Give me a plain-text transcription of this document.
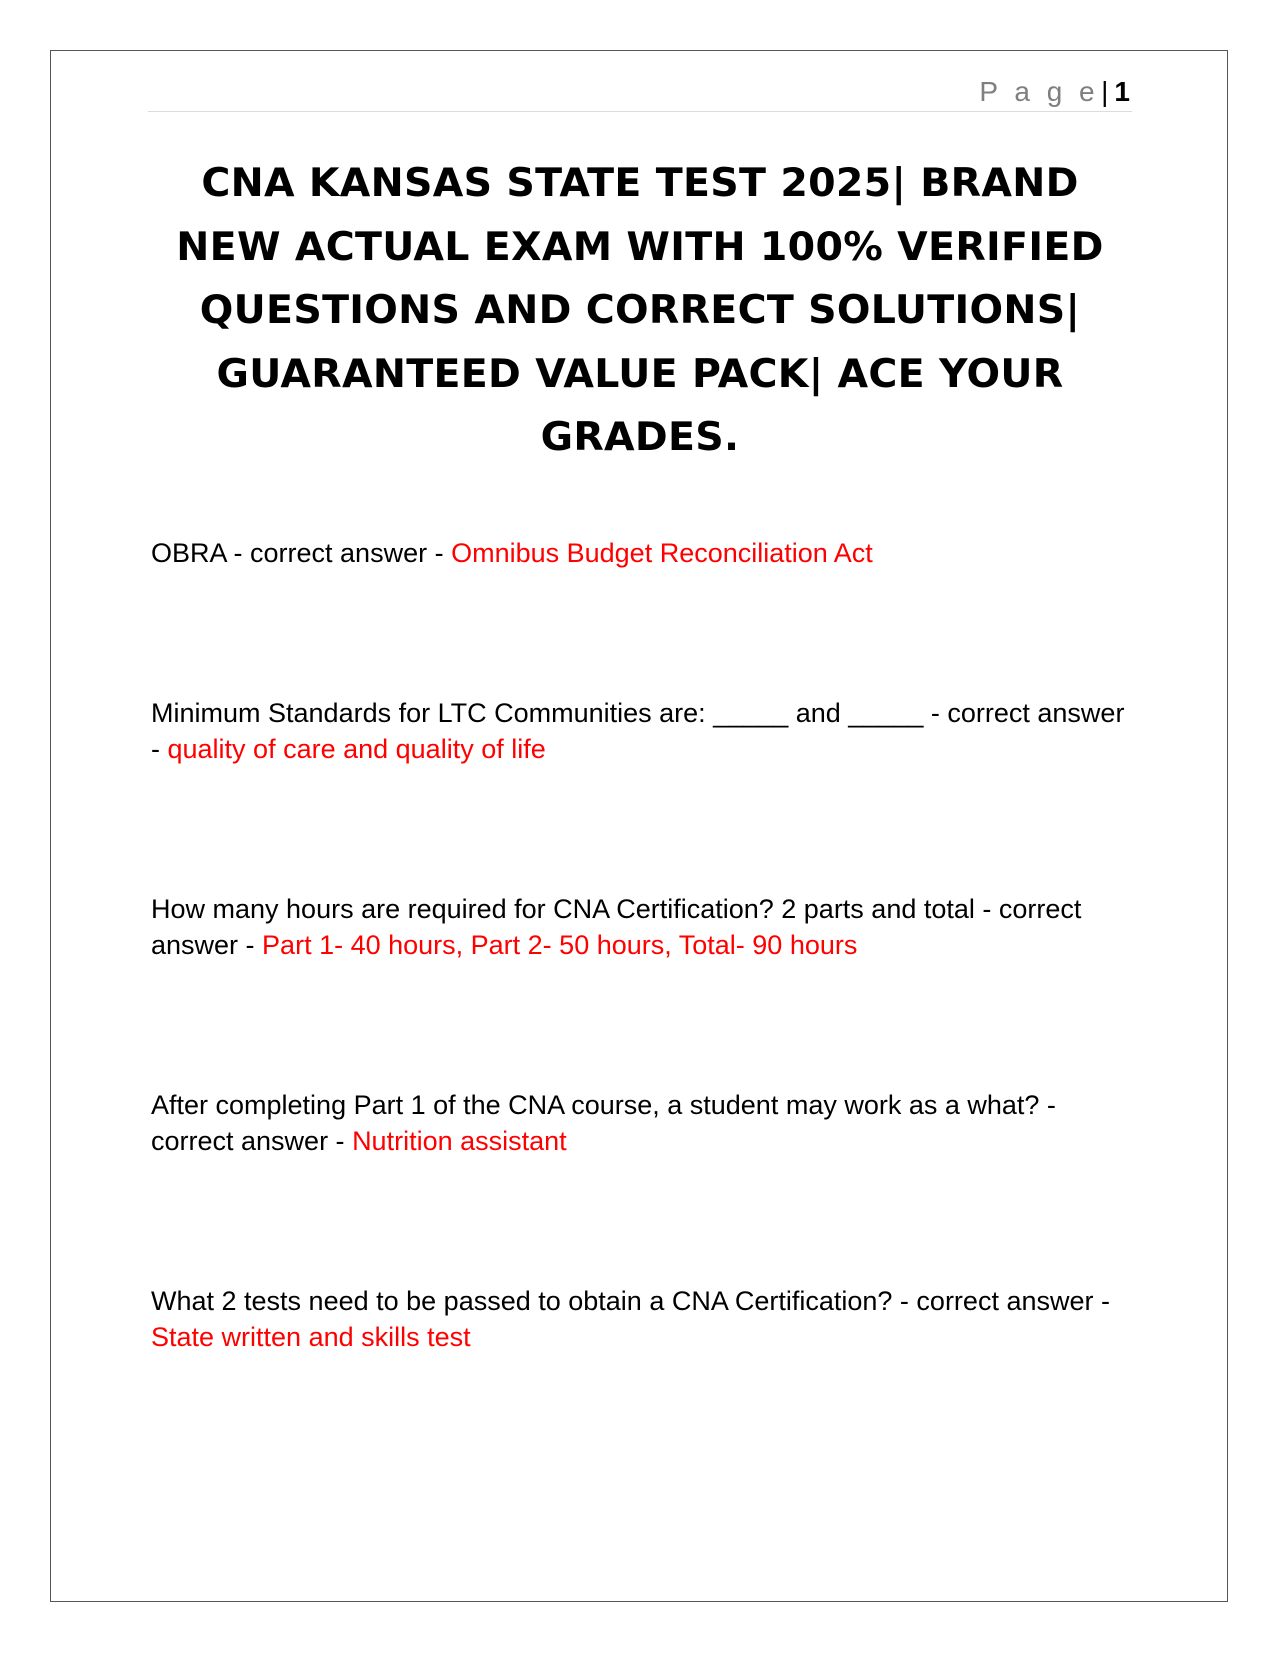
P a g e| 1
CNA KANSAS STATE TEST 2025| BRAND NEW ACTUAL EXAM WITH 100% VERIFIED QUESTIONS AND CORRECT SOLUTIONS| GUARANTEED VALUE PACK| ACE YOUR GRADES.

OBRA - correct answer - Omnibus Budget Reconciliation Act

Minimum Standards for LTC Communities are: _____ and _____ - correct answer - quality of care and quality of life

How many hours are required for CNA Certification? 2 parts and total - correct answer - Part 1- 40 hours, Part 2- 50 hours, Total- 90 hours

After completing Part 1 of the CNA course, a student may work as a what? - correct answer - Nutrition assistant

What 2 tests need to be passed to obtain a CNA Certification? - correct answer - State written and skills test
